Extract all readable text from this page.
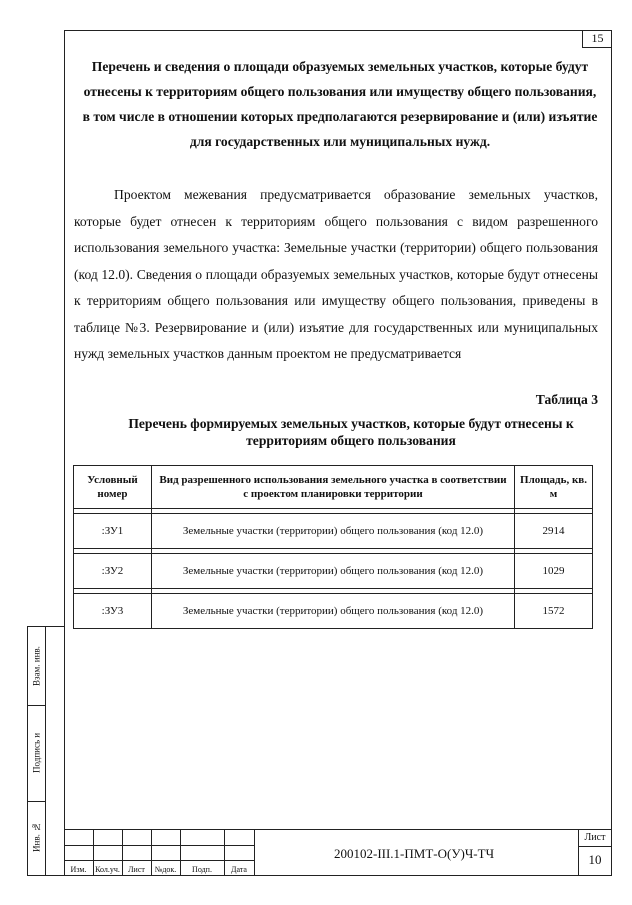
15
Перечень и сведения о площади образуемых земельных участков, которые будут отнесены к территориям общего пользования или имуществу общего пользования, в том числе в отношении которых предполагаются резервирование и (или) изъятие для государственных или муниципальных нужд.

Проектом межевания предусматривается образование земельных участков, которые будет отнесен к территориям общего пользования с видом разрешенного использования земельного участка: Земельные участки (территории) общего пользования (код 12.0). Сведения о площади образуемых земельных участков, которые будут отнесены к территориям общего пользования или имуществу общего пользования, приведены в таблице №3. Резервирование и (или) изъятие для государственных или муниципальных нужд земельных участков данным проектом не предусматривается

Таблица 3
Перечень формируемых земельных участков, которые будут отнесены к территориям общего пользования
Условный номер	Вид разрешенного использования земельного участка в соответствии с проектом планировки территории	Площадь, кв. м

:ЗУ1	Земельные участки (территории) общего пользования (код 12.0)	2914

:ЗУ2	Земельные участки (территории) общего пользования (код 12.0)	1029

:ЗУ3	Земельные участки (территории) общего пользования (код 12.0)	1572
Взам. инв.
Подпись и
Инв. №
Изм.	Кол.уч.	Лист	№док.	Подп.	Дата
200102-III.1-ПМТ-О(У)Ч-ТЧ
Лист
10
